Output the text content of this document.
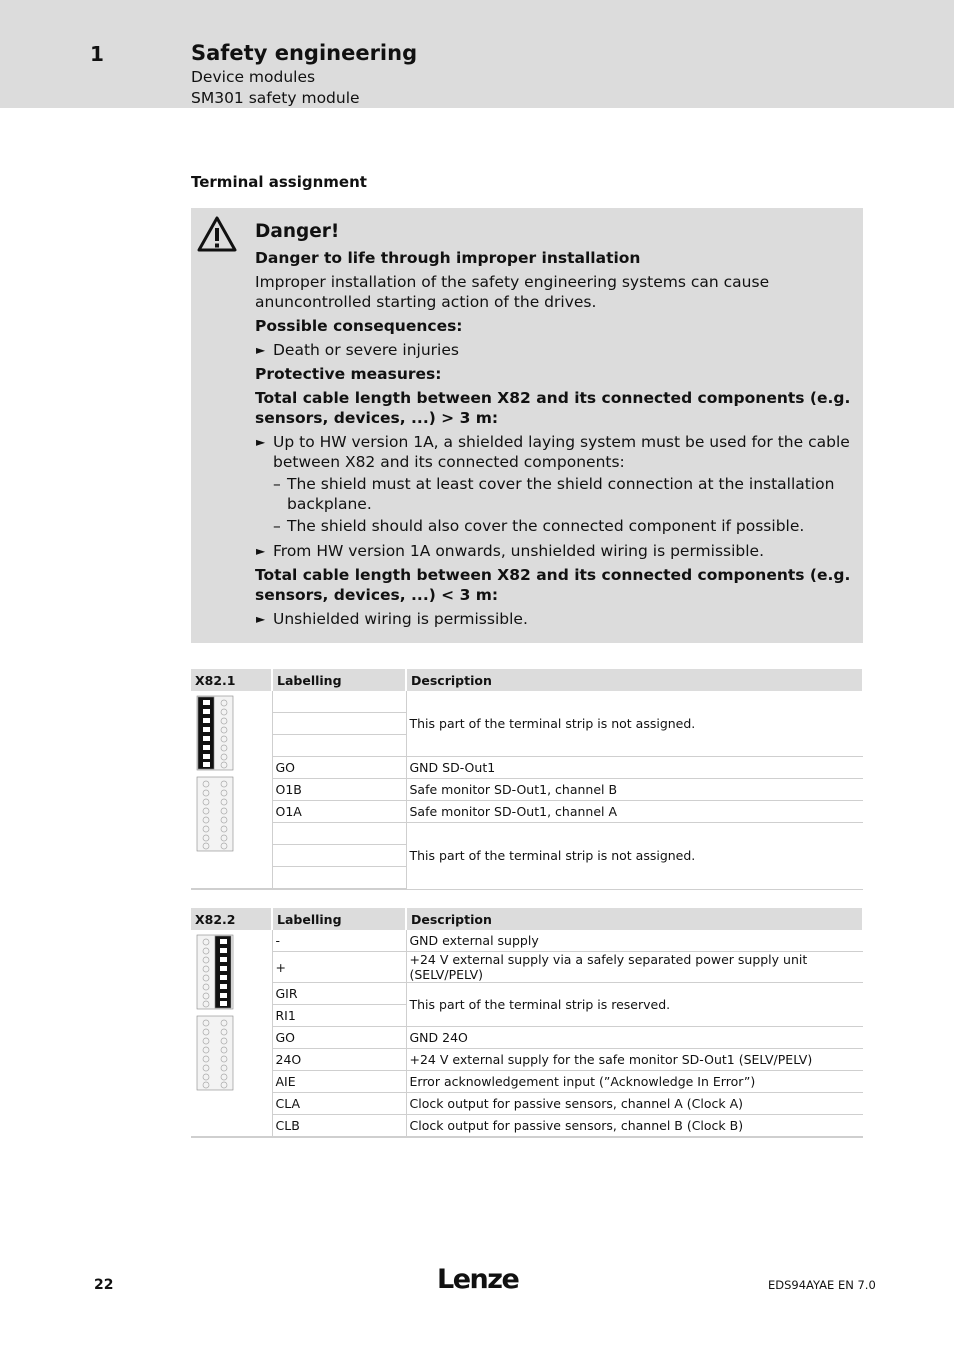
1	Safety engineering
Device modules
SM301 safety module
Terminal assignment

Danger!

Danger to life through improper installation

Improper installation of the safety engineering systems can cause anuncontrolled starting action of the drives.

Possible consequences:

► Death or severe injuries

Protective measures:

Total cable length between X82 and its connected components (e.g. sensors, devices, ...) > 3 m:

► Up to HW version 1A, a shielded laying system must be used for the cable between X82 and its connected components:
– The shield must at least cover the shield connection at the installation backplane.
– The shield should also cover the connected component if possible.
► From HW version 1A onwards, unshielded wiring is permissible.

Total cable length between X82 and its connected components (e.g. sensors, devices, ...) < 3 m:

► Unshielded wiring is permissible.
X82.1	Labelling	Description
		This part of the terminal strip is not assigned.

	GO	GND SD-Out1
	O1B	Safe monitor SD-Out1, channel B
	O1A	Safe monitor SD-Out1, channel A
		This part of the terminal strip is not assigned.

X82.2	Labelling	Description
	-	GND external supply
	+	+24 V external supply via a safely separated power supply unit (SELV/PELV)
	GIR	This part of the terminal strip is reserved.
	RI1	
	GO	GND 24O
	24O	+24 V external supply for the safe monitor SD-Out1 (SELV/PELV)
	AIE	Error acknowledgement input (”Acknowledge In Error”)
	CLA	Clock output for passive sensors, channel A (Clock A)
	CLB	Clock output for passive sensors, channel B (Clock B)
22	Lenze	EDS94AYAE EN 7.0
